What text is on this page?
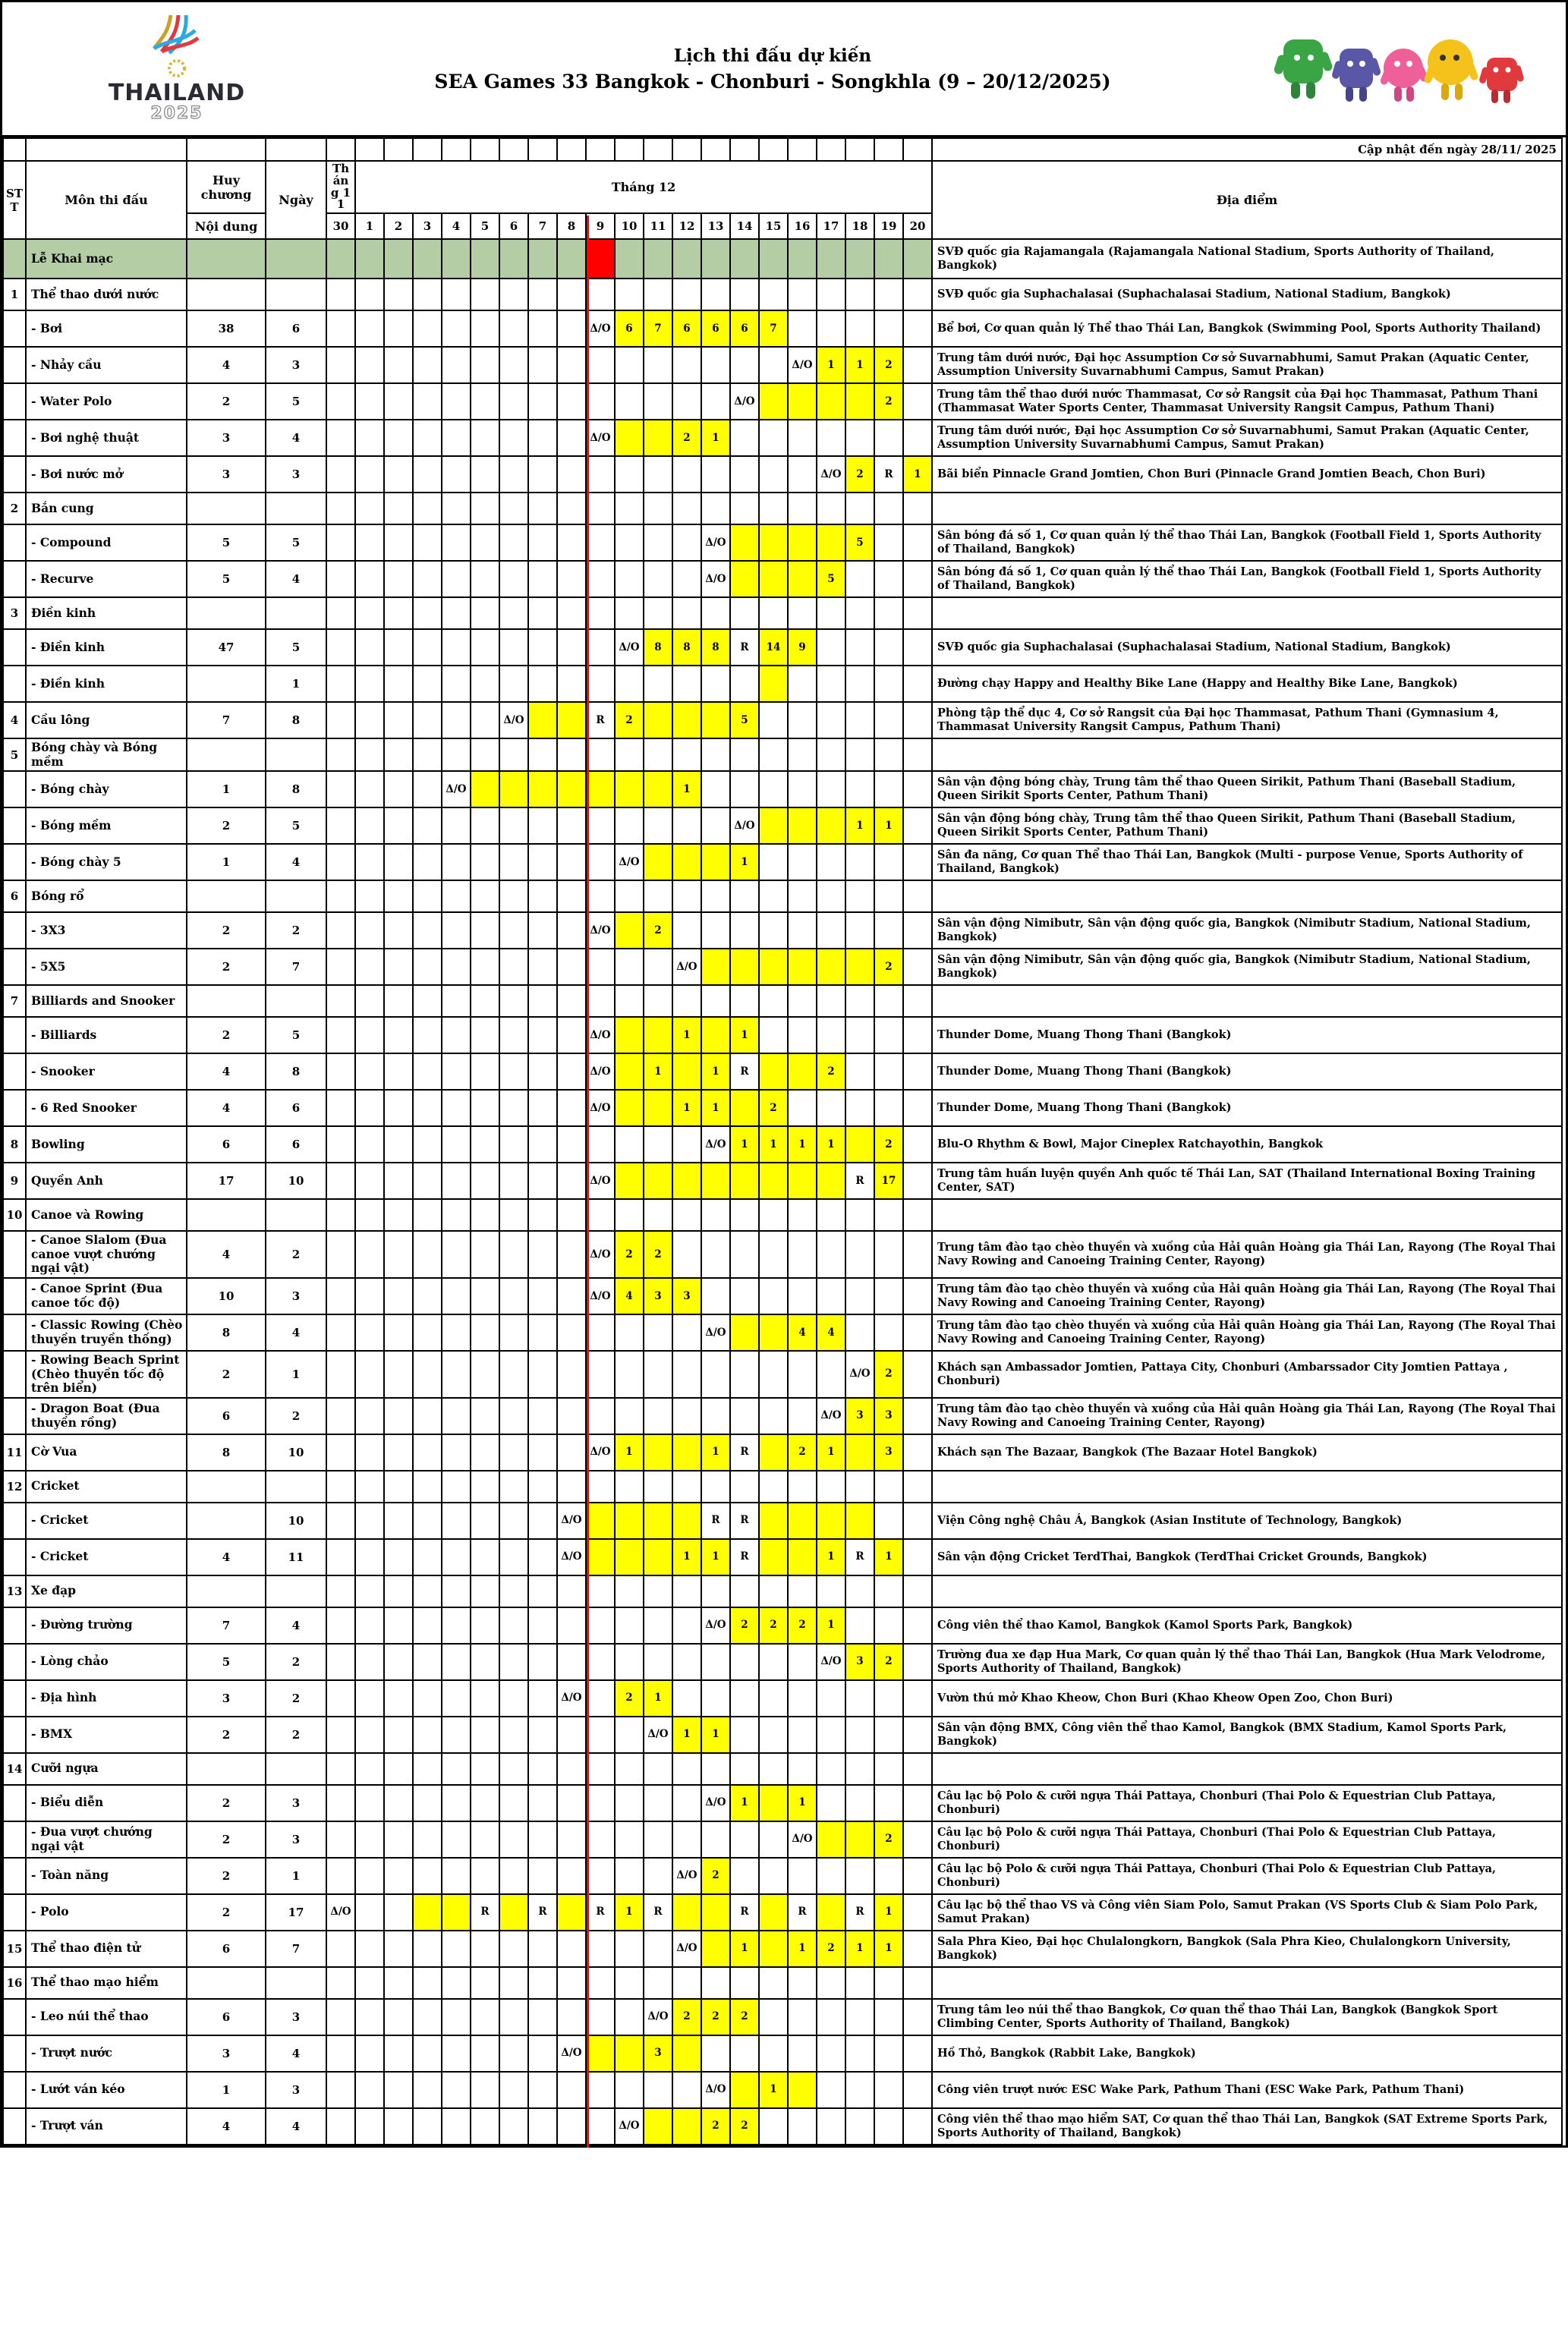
THAILAND
2025
Lịch thi đấu dự kiến
SEA Games 33 Bangkok - Chonburi - Songkhla (9 – 20/12/2025)
																									Cập nhật đến ngày 28/11/ 2025
STT	Môn thi đấu	Huy chương	Ngày	Tháng 11	Tháng 12																				Địa điểm
		Nội dung		30	1	2	3	4	5	6	7	8	9	10	11	12	13	14	15	16	17	18	19	20	
	Lễ Khai mạc																								SVĐ quốc gia Rajamangala (Rajamangala National Stadium, Sports Authority of Thailand, Bangkok)
1	Thể thao dưới nước																								SVĐ quốc gia Suphachalasai (Suphachalasai Stadium, National Stadium, Bangkok)
	- Bơi	38	6										Δ/O	6	7	6	6	6	7						Bể bơi, Cơ quan quản lý Thể thao Thái Lan, Bangkok (Swimming Pool, Sports Authority Thailand)
	- Nhảy cầu	4	3																	Δ/O	1	1	2		Trung tâm dưới nước, Đại học Assumption Cơ sở Suvarnabhumi, Samut Prakan (Aquatic Center, Assumption University Suvarnabhumi Campus, Samut Prakan)
	- Water Polo	2	5															Δ/O					2		Trung tâm thể thao dưới nước Thammasat, Cơ sở Rangsit của Đại học Thammasat, Pathum Thani (Thammasat Water Sports Center, Thammasat University Rangsit Campus, Pathum Thani)
	- Bơi nghệ thuật	3	4										Δ/O			2	1								Trung tâm dưới nước, Đại học Assumption Cơ sở Suvarnabhumi, Samut Prakan (Aquatic Center, Assumption University Suvarnabhumi Campus, Samut Prakan)
	- Bơi nước mở	3	3																		Δ/O	2	R	1	Bãi biển Pinnacle Grand Jomtien, Chon Buri (Pinnacle Grand Jomtien Beach, Chon Buri)
2	Bắn cung																								
	- Compound	5	5														Δ/O					5			Sân bóng đá số 1, Cơ quan quản lý thể thao Thái Lan, Bangkok (Football Field 1, Sports Authority of Thailand, Bangkok)
	- Recurve	5	4														Δ/O				5				Sân bóng đá số 1, Cơ quan quản lý thể thao Thái Lan, Bangkok (Football Field 1, Sports Authority of Thailand, Bangkok)
3	Điền kinh																								
	- Điền kinh	47	5											Δ/O	8	8	8	R	14	9					SVĐ quốc gia Suphachalasai (Suphachalasai Stadium, National Stadium, Bangkok)
	- Điền kinh		1																						Đường chạy Happy and Healthy Bike Lane (Happy and Healthy Bike Lane, Bangkok)
4	Cầu lông	7	8							Δ/O			R	2				5							Phòng tập thể dục 4, Cơ sở Rangsit của Đại học Thammasat, Pathum Thani (Gymnasium 4, Thammasat University Rangsit Campus, Pathum Thani)
5	Bóng chày và Bóng mềm																								
	- Bóng chày	1	8					Δ/O								1									Sân vận động bóng chày, Trung tâm thể thao Queen Sirikit, Pathum Thani (Baseball Stadium, Queen Sirikit Sports Center, Pathum Thani)
	- Bóng mềm	2	5															Δ/O				1	1		Sân vận động bóng chày, Trung tâm thể thao Queen Sirikit, Pathum Thani (Baseball Stadium, Queen Sirikit Sports Center, Pathum Thani)
	- Bóng chày 5	1	4											Δ/O				1							Sân đa năng, Cơ quan Thể thao Thái Lan, Bangkok (Multi - purpose Venue, Sports Authority of Thailand, Bangkok)
6	Bóng rổ																								
	- 3X3	2	2										Δ/O		2										Sân vận động Nimibutr, Sân vận động quốc gia, Bangkok (Nimibutr Stadium, National Stadium, Bangkok)
	- 5X5	2	7													Δ/O							2		Sân vận động Nimibutr, Sân vận động quốc gia, Bangkok (Nimibutr Stadium, National Stadium, Bangkok)
7	Billiards and Snooker																								
	- Billiards	2	5										Δ/O			1		1							Thunder Dome, Muang Thong Thani (Bangkok)
	- Snooker	4	8										Δ/O		1		1	R			2				Thunder Dome, Muang Thong Thani (Bangkok)
	- 6 Red Snooker	4	6										Δ/O			1	1		2						Thunder Dome, Muang Thong Thani (Bangkok)
8	Bowling	6	6														Δ/O	1	1	1	1		2		Blu-O Rhythm & Bowl, Major Cineplex Ratchayothin, Bangkok
9	Quyền Anh	17	10										Δ/O									R	17		Trung tâm huấn luyện quyền Anh quốc tế Thái Lan, SAT (Thailand International Boxing Training Center, SAT)
10	Canoe và Rowing																								
	- Canoe Slalom (Đua canoe vượt chướng ngại vật)	4	2										Δ/O	2	2										Trung tâm đào tạo chèo thuyền và xuồng của Hải quân Hoàng gia Thái Lan, Rayong (The Royal Thai Navy Rowing and Canoeing Training Center, Rayong)
	- Canoe Sprint (Đua canoe tốc độ)	10	3										Δ/O	4	3	3									Trung tâm đào tạo chèo thuyền và xuồng của Hải quân Hoàng gia Thái Lan, Rayong (The Royal Thai Navy Rowing and Canoeing Training Center, Rayong)
	- Classic Rowing (Chèo thuyền truyền thống)	8	4														Δ/O			4	4				Trung tâm đào tạo chèo thuyền và xuồng của Hải quân Hoàng gia Thái Lan, Rayong (The Royal Thai Navy Rowing and Canoeing Training Center, Rayong)
	- Rowing Beach Sprint (Chèo thuyền tốc độ trên biển)	2	1																			Δ/O	2		Khách sạn Ambassador Jomtien, Pattaya City, Chonburi (Ambarssador City Jomtien Pattaya , Chonburi)
	- Dragon Boat (Đua thuyền rồng)	6	2																		Δ/O	3	3		Trung tâm đào tạo chèo thuyền và xuồng của Hải quân Hoàng gia Thái Lan, Rayong (The Royal Thai Navy Rowing and Canoeing Training Center, Rayong)
11	Cờ Vua	8	10										Δ/O	1			1	R		2	1		3		Khách sạn The Bazaar, Bangkok (The Bazaar Hotel Bangkok)
12	Cricket																								
	- Cricket		10									Δ/O					R	R							Viện Công nghệ Châu Á, Bangkok (Asian Institute of Technology, Bangkok)
	- Cricket	4	11									Δ/O				1	1	R			1	R	1		Sân vận động Cricket TerdThai, Bangkok (TerdThai Cricket Grounds, Bangkok)
13	Xe đạp																								
	- Đường trường	7	4														Δ/O	2	2	2	1				Công viên thể thao Kamol, Bangkok (Kamol Sports Park, Bangkok)
	- Lòng chảo	5	2																		Δ/O	3	2		Trường đua xe đạp Hua Mark, Cơ quan quản lý thể thao Thái Lan, Bangkok (Hua Mark Velodrome, Sports Authority of Thailand, Bangkok)
	- Địa hình	3	2									Δ/O		2	1										Vườn thú mở Khao Kheow, Chon Buri (Khao Kheow Open Zoo, Chon Buri)
	- BMX	2	2												Δ/O	1	1								Sân vận động BMX, Công viên thể thao Kamol, Bangkok (BMX Stadium, Kamol Sports Park, Bangkok)
14	Cưỡi ngựa																								
	- Biểu diễn	2	3														Δ/O	1		1					Câu lạc bộ Polo & cưỡi ngựa Thái Pattaya, Chonburi (Thai Polo & Equestrian Club Pattaya, Chonburi)
	- Đua vượt chướng ngại vật	2	3																	Δ/O			2		Câu lạc bộ Polo & cưỡi ngựa Thái Pattaya, Chonburi (Thai Polo & Equestrian Club Pattaya, Chonburi)
	- Toàn năng	2	1													Δ/O	2								Câu lạc bộ Polo & cưỡi ngựa Thái Pattaya, Chonburi (Thai Polo & Equestrian Club Pattaya, Chonburi)
	- Polo	2	17	Δ/O					R		R		R	1	R			R		R		R	1		Câu lạc bộ thể thao VS và Công viên Siam Polo, Samut Prakan (VS Sports Club & Siam Polo Park, Samut Prakan)
15	Thể thao điện tử	6	7													Δ/O		1		1	2	1	1		Sala Phra Kieo, Đại học Chulalongkorn, Bangkok (Sala Phra Kieo, Chulalongkorn University, Bangkok)
16	Thể thao mạo hiểm																								
	- Leo núi thể thao	6	3												Δ/O	2	2	2							Trung tâm leo núi thể thao Bangkok, Cơ quan thể thao Thái Lan, Bangkok (Bangkok Sport Climbing Center, Sports Authority of Thailand, Bangkok)
	- Trượt nước	3	4									Δ/O			3										Hồ Thỏ, Bangkok (Rabbit Lake, Bangkok)
	- Lướt ván kéo	1	3														Δ/O		1						Công viên trượt nước ESC Wake Park, Pathum Thani (ESC Wake Park, Pathum Thani)
	- Trượt ván	4	4											Δ/O			2	2							Công viên thể thao mạo hiểm SAT, Cơ quan thể thao Thái Lan, Bangkok (SAT Extreme Sports Park, Sports Authority of Thailand, Bangkok)
